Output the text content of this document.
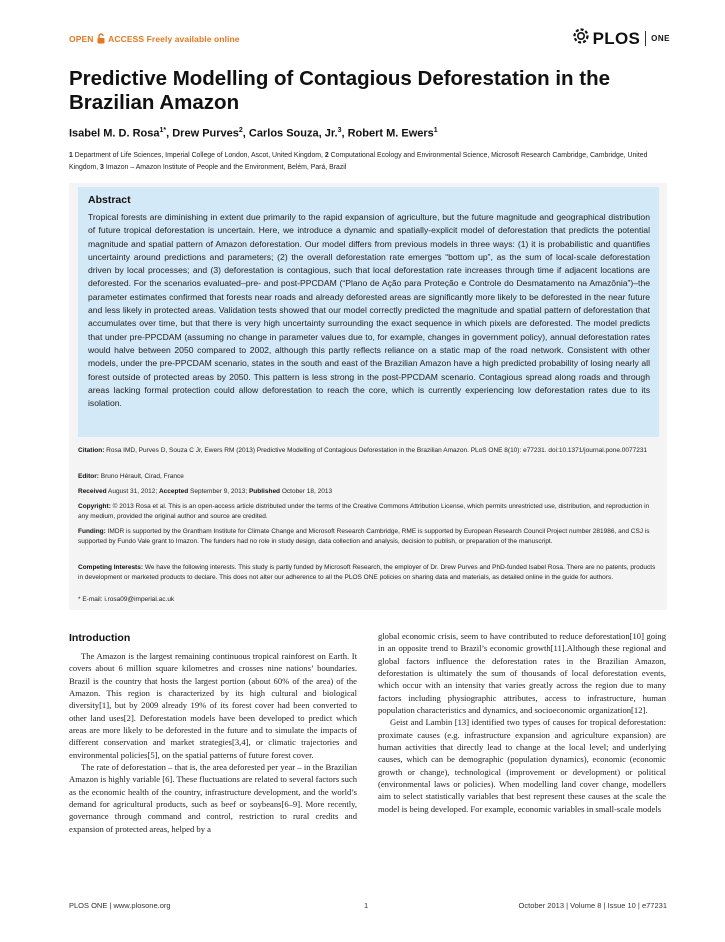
OPEN ACCESS Freely available online	PLOS ONE
Predictive Modelling of Contagious Deforestation in the Brazilian Amazon
Isabel M. D. Rosa$^{1*}$, Drew Purves$^2$, Carlos Souza, Jr.$^3$, Robert M. Ewers$^1$
1 Department of Life Sciences, Imperial College of London, Ascot, United Kingdom, 2 Computational Ecology and Environmental Science, Microsoft Research Cambridge, Cambridge, United Kingdom, 3 Imazon – Amazon Institute of People and the Environment, Belém, Pará, Brazil
Abstract

Tropical forests are diminishing in extent due primarily to the rapid expansion of agriculture, but the future magnitude and geographical distribution of future tropical deforestation is uncertain. Here, we introduce a dynamic and spatially-explicit model of deforestation that predicts the potential magnitude and spatial pattern of Amazon deforestation. Our model differs from previous models in three ways: (1) it is probabilistic and quantifies uncertainty around predictions and parameters; (2) the overall deforestation rate emerges “bottom up”, as the sum of local-scale deforestation driven by local processes; and (3) deforestation is contagious, such that local deforestation rate increases through time if adjacent locations are deforested. For the scenarios evaluated–pre- and post-PPCDAM (“Plano de Ação para Proteção e Controle do Desmatamento na Amazônia”)–the parameter estimates confirmed that forests near roads and already deforested areas are significantly more likely to be deforested in the near future and less likely in protected areas. Validation tests showed that our model correctly predicted the magnitude and spatial pattern of deforestation that accumulates over time, but that there is very high uncertainty surrounding the exact sequence in which pixels are deforested. The model predicts that under pre-PPCDAM (assuming no change in parameter values due to, for example, changes in government policy), annual deforestation rates would halve between 2050 compared to 2002, although this partly reflects reliance on a static map of the road network. Consistent with other models, under the pre-PPCDAM scenario, states in the south and east of the Brazilian Amazon have a high predicted probability of losing nearly all forest outside of protected areas by 2050. This pattern is less strong in the post-PPCDAM scenario. Contagious spread along roads and through areas lacking formal protection could allow deforestation to reach the core, which is currently experiencing low deforestation rates due to its isolation.

Citation: Rosa IMD, Purves D, Souza C Jr, Ewers RM (2013) Predictive Modelling of Contagious Deforestation in the Brazilian Amazon. PLoS ONE 8(10): e77231. doi:10.1371/journal.pone.0077231

Editor: Bruno Hérault, Cirad, France

Received August 31, 2012; Accepted September 9, 2013; Published October 18, 2013

Copyright: © 2013 Rosa et al. This is an open-access article distributed under the terms of the Creative Commons Attribution License, which permits unrestricted use, distribution, and reproduction in any medium, provided the original author and source are credited.

Funding: IMDR is supported by the Grantham Institute for Climate Change and Microsoft Research Cambridge, RME is supported by European Research Council Project number 281986, and CSJ is supported by Fundo Vale grant to Imazon. The funders had no role in study design, data collection and analysis, decision to publish, or preparation of the manuscript.

Competing Interests: We have the following interests. This study is partly funded by Microsoft Research, the employer of Dr. Drew Purves and PhD-funded Isabel Rosa. There are no patents, products in development or marketed products to declare. This does not alter our adherence to all the PLOS ONE policies on sharing data and materials, as detailed online in the guide for authors.

* E-mail: i.rosa09@imperial.ac.uk

Introduction

The Amazon is the largest remaining continuous tropical rainforest on Earth. It covers about 6 million square kilometres and crosses nine nations’ boundaries. Brazil is the country that hosts the largest portion (about 60% of the area) of the Amazon. This region is characterized by its high cultural and biological diversity[1], but by 2009 already 19% of its forest cover had been converted to other land uses[2]. Deforestation models have been developed to predict which areas are more likely to be deforested in the future and to simulate the impacts of different conservation and market strategies[3,4], or climatic trajectories and environmental policies[5], on the spatial patterns of future forest cover.

The rate of deforestation – that is, the area deforested per year – in the Brazilian Amazon is highly variable [6]. These fluctuations are related to several factors such as the economic health of the country, infrastructure development, and the world’s demand for agricultural products, such as beef or soybeans[6–9]. More recently, governance through command and control, restriction to rural credits and expansion of protected areas, helped by a

global economic crisis, seem to have contributed to reduce deforestation[10] going in an opposite trend to Brazil’s economic growth[11].Although these regional and global factors influence the deforestation rates in the Brazilian Amazon, deforestation is ultimately the sum of thousands of local deforestation events, which occur with an intensity that varies greatly across the region due to many factors including physiographic attributes, access to infrastructure, human population characteristics and dynamics, and socioeconomic organization[12].

Geist and Lambin [13] identified two types of causes for tropical deforestation: proximate causes (e.g. infrastructure expansion and agriculture expansion) are human activities that directly lead to change at the local level; and underlying causes, which can be demographic (population dynamics), economic (economic growth or change), technological (improvement or development) or political (environmental laws or policies). When modelling land cover change, modellers aim to select statistically variables that best represent these causes at the scale the model is being developed. For example, economic variables in small-scale models

PLOS ONE | www.plosone.org	1	October 2013 | Volume 8 | Issue 10 | e77231
